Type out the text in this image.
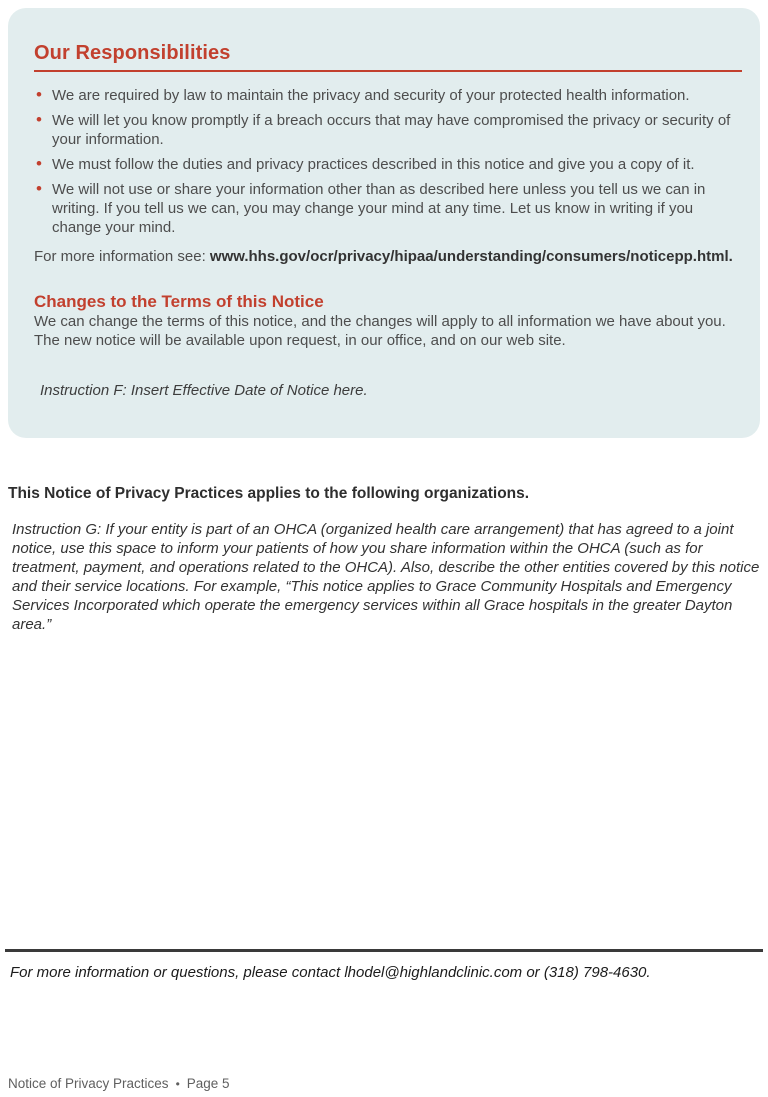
Our Responsibilities
• We are required by law to maintain the privacy and security of your protected health information.
• We will let you know promptly if a breach occurs that may have compromised the privacy or security of your information.
• We must follow the duties and privacy practices described in this notice and give you a copy of it.
• We will not use or share your information other than as described here unless you tell us we can in writing. If you tell us we can, you may change your mind at any time. Let us know in writing if you change your mind.

For more information see: www.hhs.gov/ocr/privacy/hipaa/understanding/consumers/noticepp.html.

Changes to the Terms of this Notice

We can change the terms of this notice, and the changes will apply to all information we have about you. The new notice will be available upon request, in our office, and on our web site.

Instruction F: Insert Effective Date of Notice here.

This Notice of Privacy Practices applies to the following organizations.

Instruction G: If your entity is part of an OHCA (organized health care arrangement) that has agreed to a joint notice, use this space to inform your patients of how you share information within the OHCA (such as for treatment, payment, and operations related to the OHCA). Also, describe the other entities covered by this notice and their service locations. For example, “This notice applies to Grace Community Hospitals and Emergency Services Incorporated which operate the emergency services within all Grace hospitals in the greater Dayton area.”

For more information or questions, please contact lhodel@highlandclinic.com or (318) 798-4630.

Notice of Privacy Practices • Page 5
